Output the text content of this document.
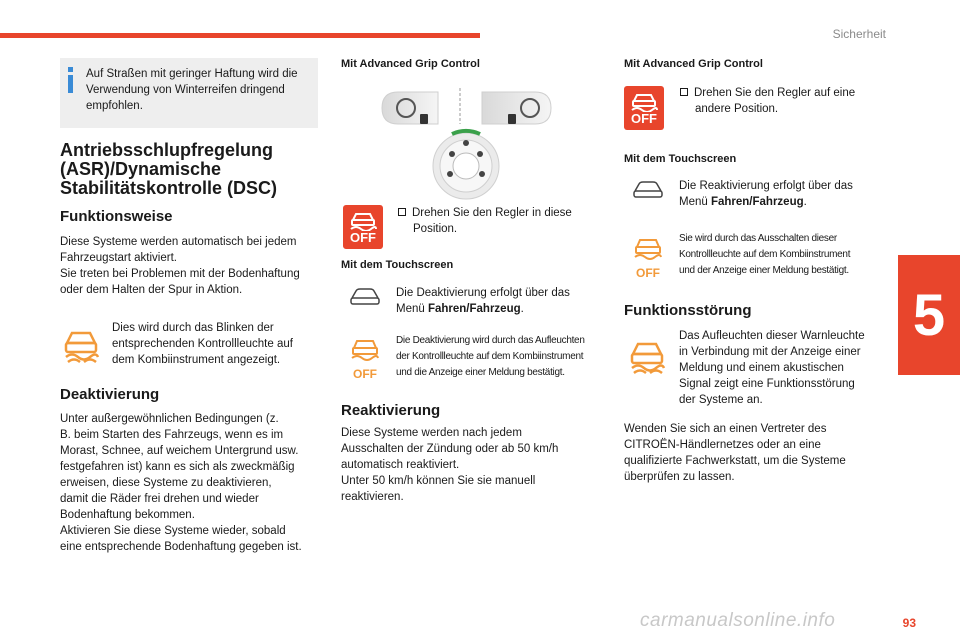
Sicherheit
5
93
carmanualsonline.info
Auf Straßen mit geringer Haftung wird die Verwendung von Winterreifen dringend empfohlen.
Antriebsschlupfregelung
(ASR)/Dynamische
Stabilitätskontrolle (DSC)
Funktionsweise
Diese Systeme werden automatisch bei jedem
Fahrzeugstart aktiviert.
Sie treten bei Problemen mit der Bodenhaftung
oder dem Halten der Spur in Aktion.
Dies wird durch das Blinken der
entsprechenden Kontrollleuchte auf
dem Kombiinstrument angezeigt.
Deaktivierung
Unter außergewöhnlichen Bedingungen (z.
B. beim Starten des Fahrzeugs, wenn es im
Morast, Schnee, auf weichem Untergrund usw.
festgefahren ist) kann es sich als zweckmäßig
erweisen, diese Systeme zu deaktivieren,
damit die Räder frei drehen und wieder
Bodenhaftung bekommen.
Aktivieren Sie diese Systeme wieder, sobald
eine entsprechende Bodenhaftung gegeben ist.
Mit Advanced Grip Control
OFF
Drehen Sie den Regler in diese
Position.
Mit dem Touchscreen
Die Deaktivierung erfolgt über das
Menü Fahren/Fahrzeug.
OFF
Die Deaktivierung wird durch das Aufleuchten
der Kontrollleuchte auf dem Kombiinstrument
und die Anzeige einer Meldung bestätigt.
Reaktivierung
Diese Systeme werden nach jedem
Ausschalten der Zündung oder ab 50 km/h
automatisch reaktiviert.
Unter 50 km/h können Sie sie manuell
reaktivieren.
Mit Advanced Grip Control
OFF
Drehen Sie den Regler auf eine
andere Position.
Mit dem Touchscreen
Die Reaktivierung erfolgt über das
Menü Fahren/Fahrzeug.
OFF
Sie wird durch das Ausschalten dieser
Kontrollleuchte auf dem Kombiinstrument
und der Anzeige einer Meldung bestätigt.
Funktionsstörung
Das Aufleuchten dieser Warnleuchte
in Verbindung mit der Anzeige einer
Meldung und einem akustischen
Signal zeigt eine Funktionsstörung
der Systeme an.
Wenden Sie sich an einen Vertreter des
CITROËN-Händlernetzes oder an eine
qualifizierte Fachwerkstatt, um die Systeme
überprüfen zu lassen.
